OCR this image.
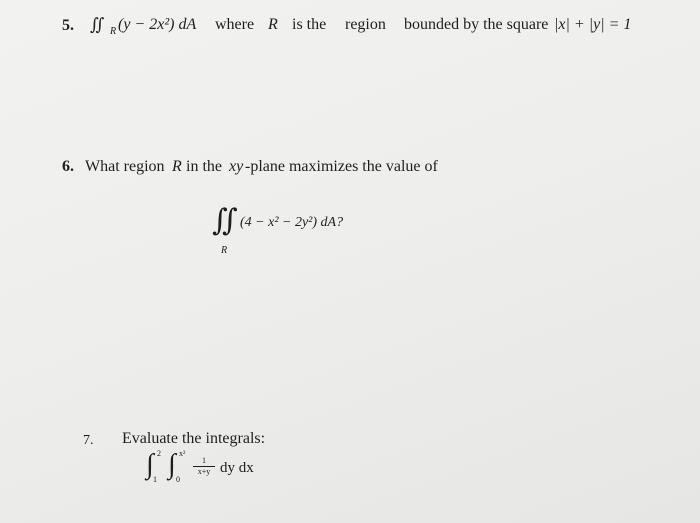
5. ∬ R (y − 2x²) dA where R is the region bounded by the square |x| + |y| = 1
6. What region R in the xy -plane maximizes the value of
∬
R
(4 − x² − 2y²) dA?
7. Evaluate the integrals:
∫ 2
1 ∫ x²
0
$\frac{1}{x+y}$ dy dx
